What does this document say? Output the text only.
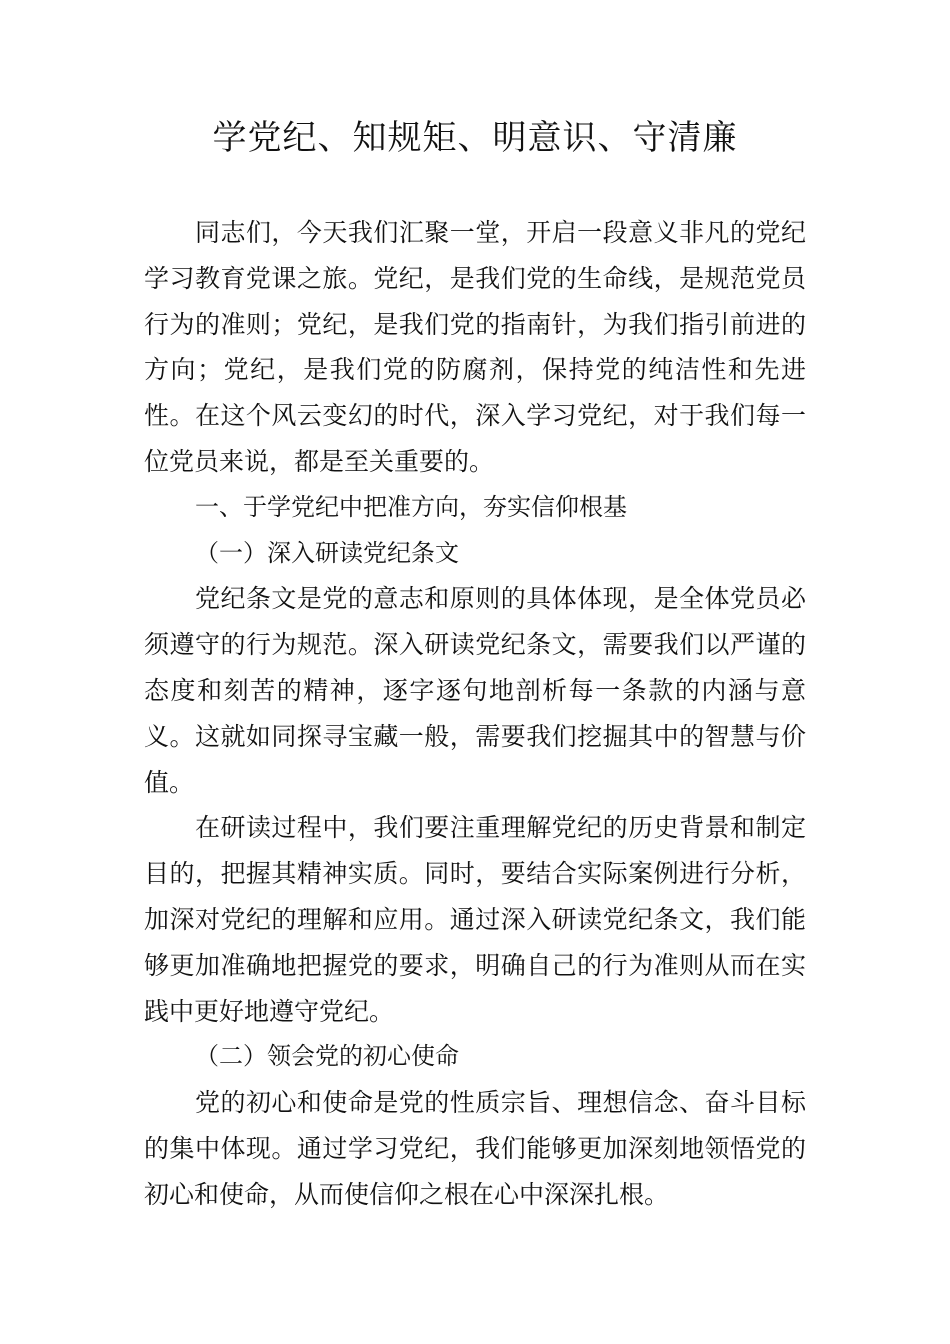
学党纪、知规矩、明意识、守清廉

同志们，今天我们汇聚一堂，开启一段意义非凡的党纪学习教育党课之旅。党纪，是我们党的生命线，是规范党员行为的准则；党纪，是我们党的指南针，为我们指引前进的方向；党纪，是我们党的防腐剂，保持党的纯洁性和先进性。在这个风云变幻的时代，深入学习党纪，对于我们每一位党员来说，都是至关重要的。

一、于学党纪中把准方向，夯实信仰根基

（一）深入研读党纪条文

党纪条文是党的意志和原则的具体体现，是全体党员必须遵守的行为规范。深入研读党纪条文，需要我们以严谨的态度和刻苦的精神，逐字逐句地剖析每一条款的内涵与意义。这就如同探寻宝藏一般，需要我们挖掘其中的智慧与价值。

在研读过程中，我们要注重理解党纪的历史背景和制定目的，把握其精神实质。同时，要结合实际案例进行分析，加深对党纪的理解和应用。通过深入研读党纪条文，我们能够更加准确地把握党的要求，明确自己的行为准则从而在实践中更好地遵守党纪。

（二）领会党的初心使命

党的初心和使命是党的性质宗旨、理想信念、奋斗目标的集中体现。通过学习党纪，我们能够更加深刻地领悟党的初心和使命，从而使信仰之根在心中深深扎根。
